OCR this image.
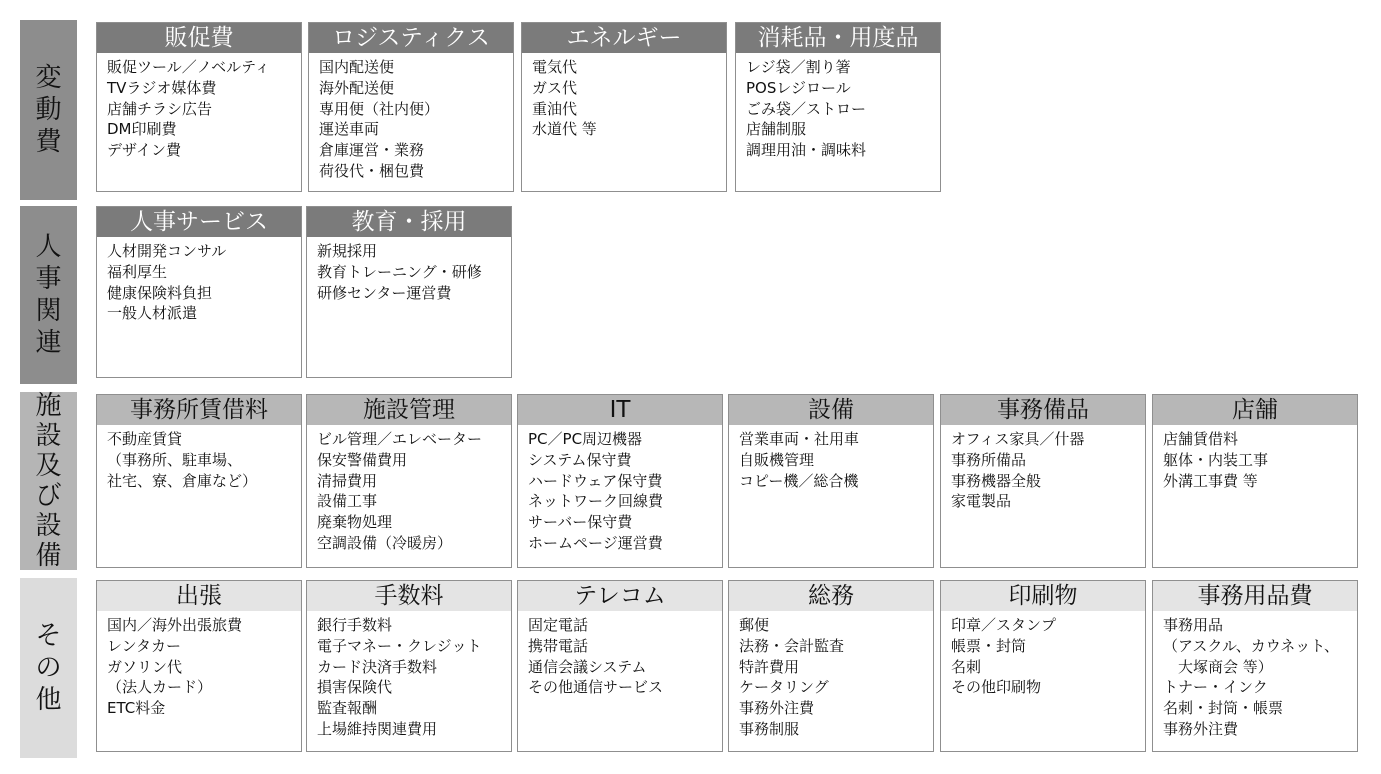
変動費
販促費
販促ツール／ノベルティ
TVラジオ媒体費
店舗チラシ広告
DM印刷費
デザイン費
ロジスティクス
国内配送便
海外配送便
専用便（社内便）
運送車両
倉庫運営・業務
荷役代・梱包費
エネルギー
電気代
ガス代
重油代
水道代 等
消耗品・用度品
レジ袋／割り箸
POSレジロール
ごみ袋／ストロー
店舗制服
調理用油・調味料
人事関連
人事サービス
人材開発コンサル
福利厚生
健康保険料負担
一般人材派遣
教育・採用
新規採用
教育トレーニング・研修
研修センター運営費
施設及び設備
事務所賃借料
不動産賃貸
（事務所、駐車場、
社宅、寮、倉庫など）
施設管理
ビル管理／エレベーター
保安警備費用
清掃費用
設備工事
廃棄物処理
空調設備（冷暖房）
IT
PC／PC周辺機器
システム保守費
ハードウェア保守費
ネットワーク回線費
サーバー保守費
ホームページ運営費
設備
営業車両・社用車
自販機管理
コピー機／総合機
事務備品
オフィス家具／什器
事務所備品
事務機器全般
家電製品
店舗
店舗賃借料
躯体・内装工事
外溝工事費 等
その他
出張
国内／海外出張旅費
レンタカー
ガソリン代
（法人カード）
ETC料金
手数料
銀行手数料
電子マネー・クレジット
カード決済手数料
損害保険代
監査報酬
上場維持関連費用
テレコム
固定電話
携帯電話
通信会議システム
その他通信サービス
総務
郵便
法務・会計監査
特許費用
ケータリング
事務外注費
事務制服
印刷物
印章／スタンプ
帳票・封筒
名刺
その他印刷物
事務用品費
事務用品
（アスクル、カウネット、
　大塚商会 等）
トナー・インク
名刺・封筒・帳票
事務外注費
